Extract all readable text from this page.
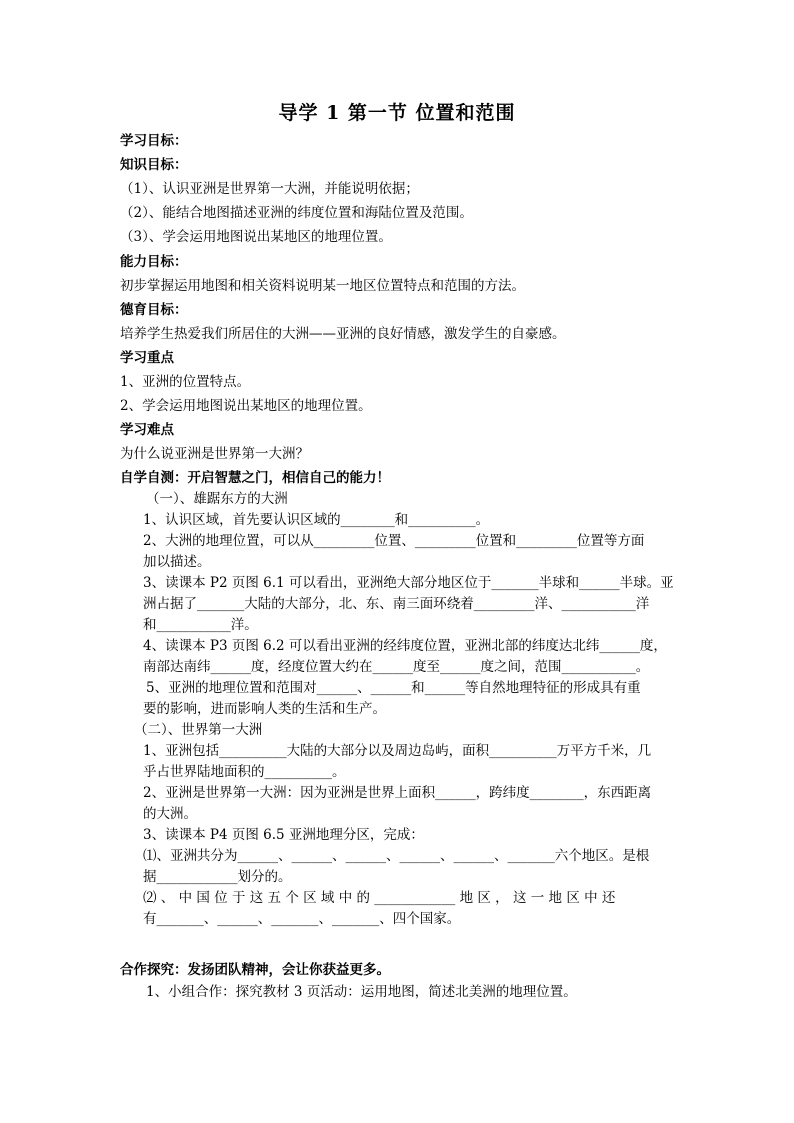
导学 1 第一节 位置和范围
学习目标：
知识目标：
（1）、认识亚洲是世界第一大洲，并能说明依据；
（2）、能结合地图描述亚洲的纬度位置和海陆位置及范围。
（3）、学会运用地图说出某地区的地理位置。
能力目标：
初步掌握运用地图和相关资料说明某一地区位置特点和范围的方法。
德育目标：
培养学生热爱我们所居住的大洲——亚洲的良好情感，激发学生的自豪感。
学习重点
1、亚洲的位置特点。
2、学会运用地图说出某地区的地理位置。
学习难点
为什么说亚洲是世界第一大洲？
自学自测：开启智慧之门，相信自己的能力！
（一）、雄踞东方的大洲
1、认识区域，首先要认识区域的________和__________。
2、大洲的地理位置，可以从_________位置、_________位置和_________位置等方面
加以描述。
3、读课本 P2 页图 6.1 可以看出，亚洲绝大部分地区位于_______半球和______半球。亚
洲占据了_______大陆的大部分，北、东、南三面环绕着_________洋、___________洋
和___________洋。
4、读课本 P3 页图 6.2 可以看出亚洲的经纬度位置，亚洲北部的纬度达北纬______度，
南部达南纬______度，经度位置大约在______度至______度之间，范围___________。
5、亚洲的地理位置和范围对______、______和______等自然地理特征的形成具有重
要的影响，进而影响人类的生活和生产。
（二）、世界第一大洲
1、亚洲包括__________大陆的大部分以及周边岛屿，面积__________万平方千米，几
乎占世界陆地面积的__________。
2、亚洲是世界第一大洲：因为亚洲是世界上面积______，跨纬度________，东西距离
的大洲。
3、读课本 P4 页图 6.5 亚洲地理分区，完成：
⑴、亚洲共分为______、______、______、______、______、_______六个地区。是根
据____________划分的。
⑵ 、 中 国 位 于 这 五 个 区 域 中 的 ____________ 地 区 ， 这 一 地 区 中 还
有_______、______、_______、_______、四个国家。
合作探究：发扬团队精神，会让你获益更多。
1、小组合作：探究教材 3 页活动：运用地图，简述北美洲的地理位置。
